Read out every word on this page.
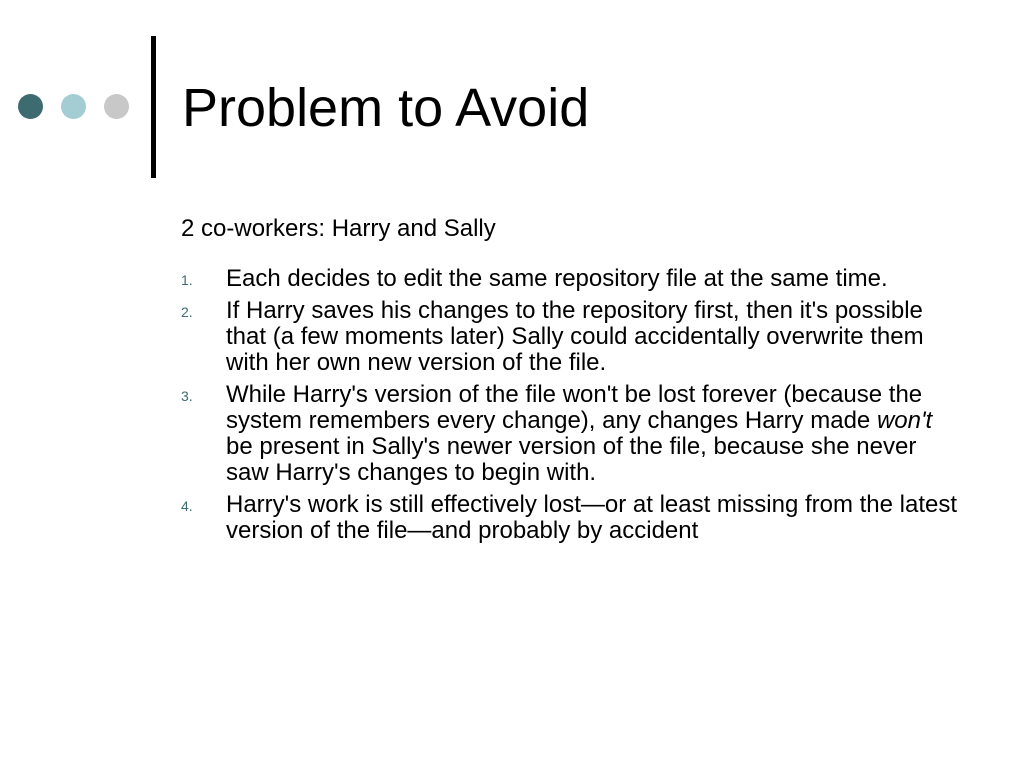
Problem to Avoid

2 co-workers: Harry and Sally

1. Each decides to edit the same repository file at the same time.
2. If Harry saves his changes to the repository first, then it's possible that (a few moments later) Sally could accidentally overwrite them with her own new version of the file.
3. While Harry's version of the file won't be lost forever (because the system remembers every change), any changes Harry made won't be present in Sally's newer version of the file, because she never saw Harry's changes to begin with.
4. Harry's work is still effectively lost—or at least missing from the latest version of the file—and probably by accident
